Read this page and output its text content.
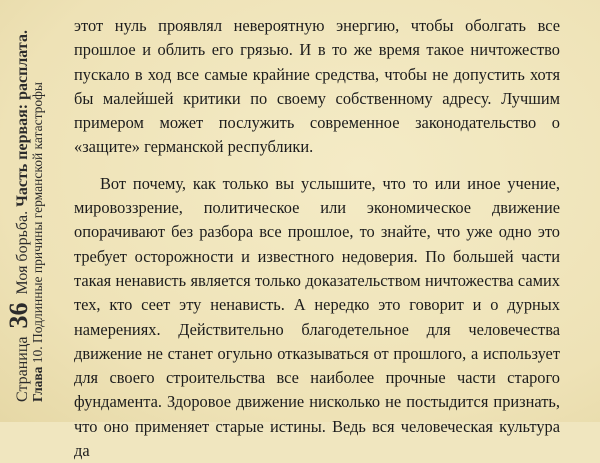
Страница 36 Моя борьба. Часть первая: расплата.
Глава 10. Подлинные причины германской катастрофы

этот нуль проявлял невероятную энергию, чтобы оболгать все прошлое и облить его грязью. И в то же время такое ничтожество пускало в ход все самые крайние средства, чтобы не допустить хотя бы малейшей критики по своему собственному адресу. Лучшим примером может послужить современное законодательство о «защите» германской республики.

Вот почему, как только вы услышите, что то или иное учение, мировоззрение, политическое или экономическое движение опорачивают без разбора все прошлое, то знайте, что уже одно это требует осторожности и известного недоверия. По большей части такая ненависть является только доказательством ничтожества самих тех, кто сеет эту ненависть. А нередко это говорит и о дурных намерениях. Действительно благодетельное для человечества движение не станет огульно отказываться от прошлого, а использует для своего строительства все наиболее прочные части старого фундамента. Здоровое движение нисколько не постыдится признать, что оно применяет старые истины. Ведь вся человеческая культура да
